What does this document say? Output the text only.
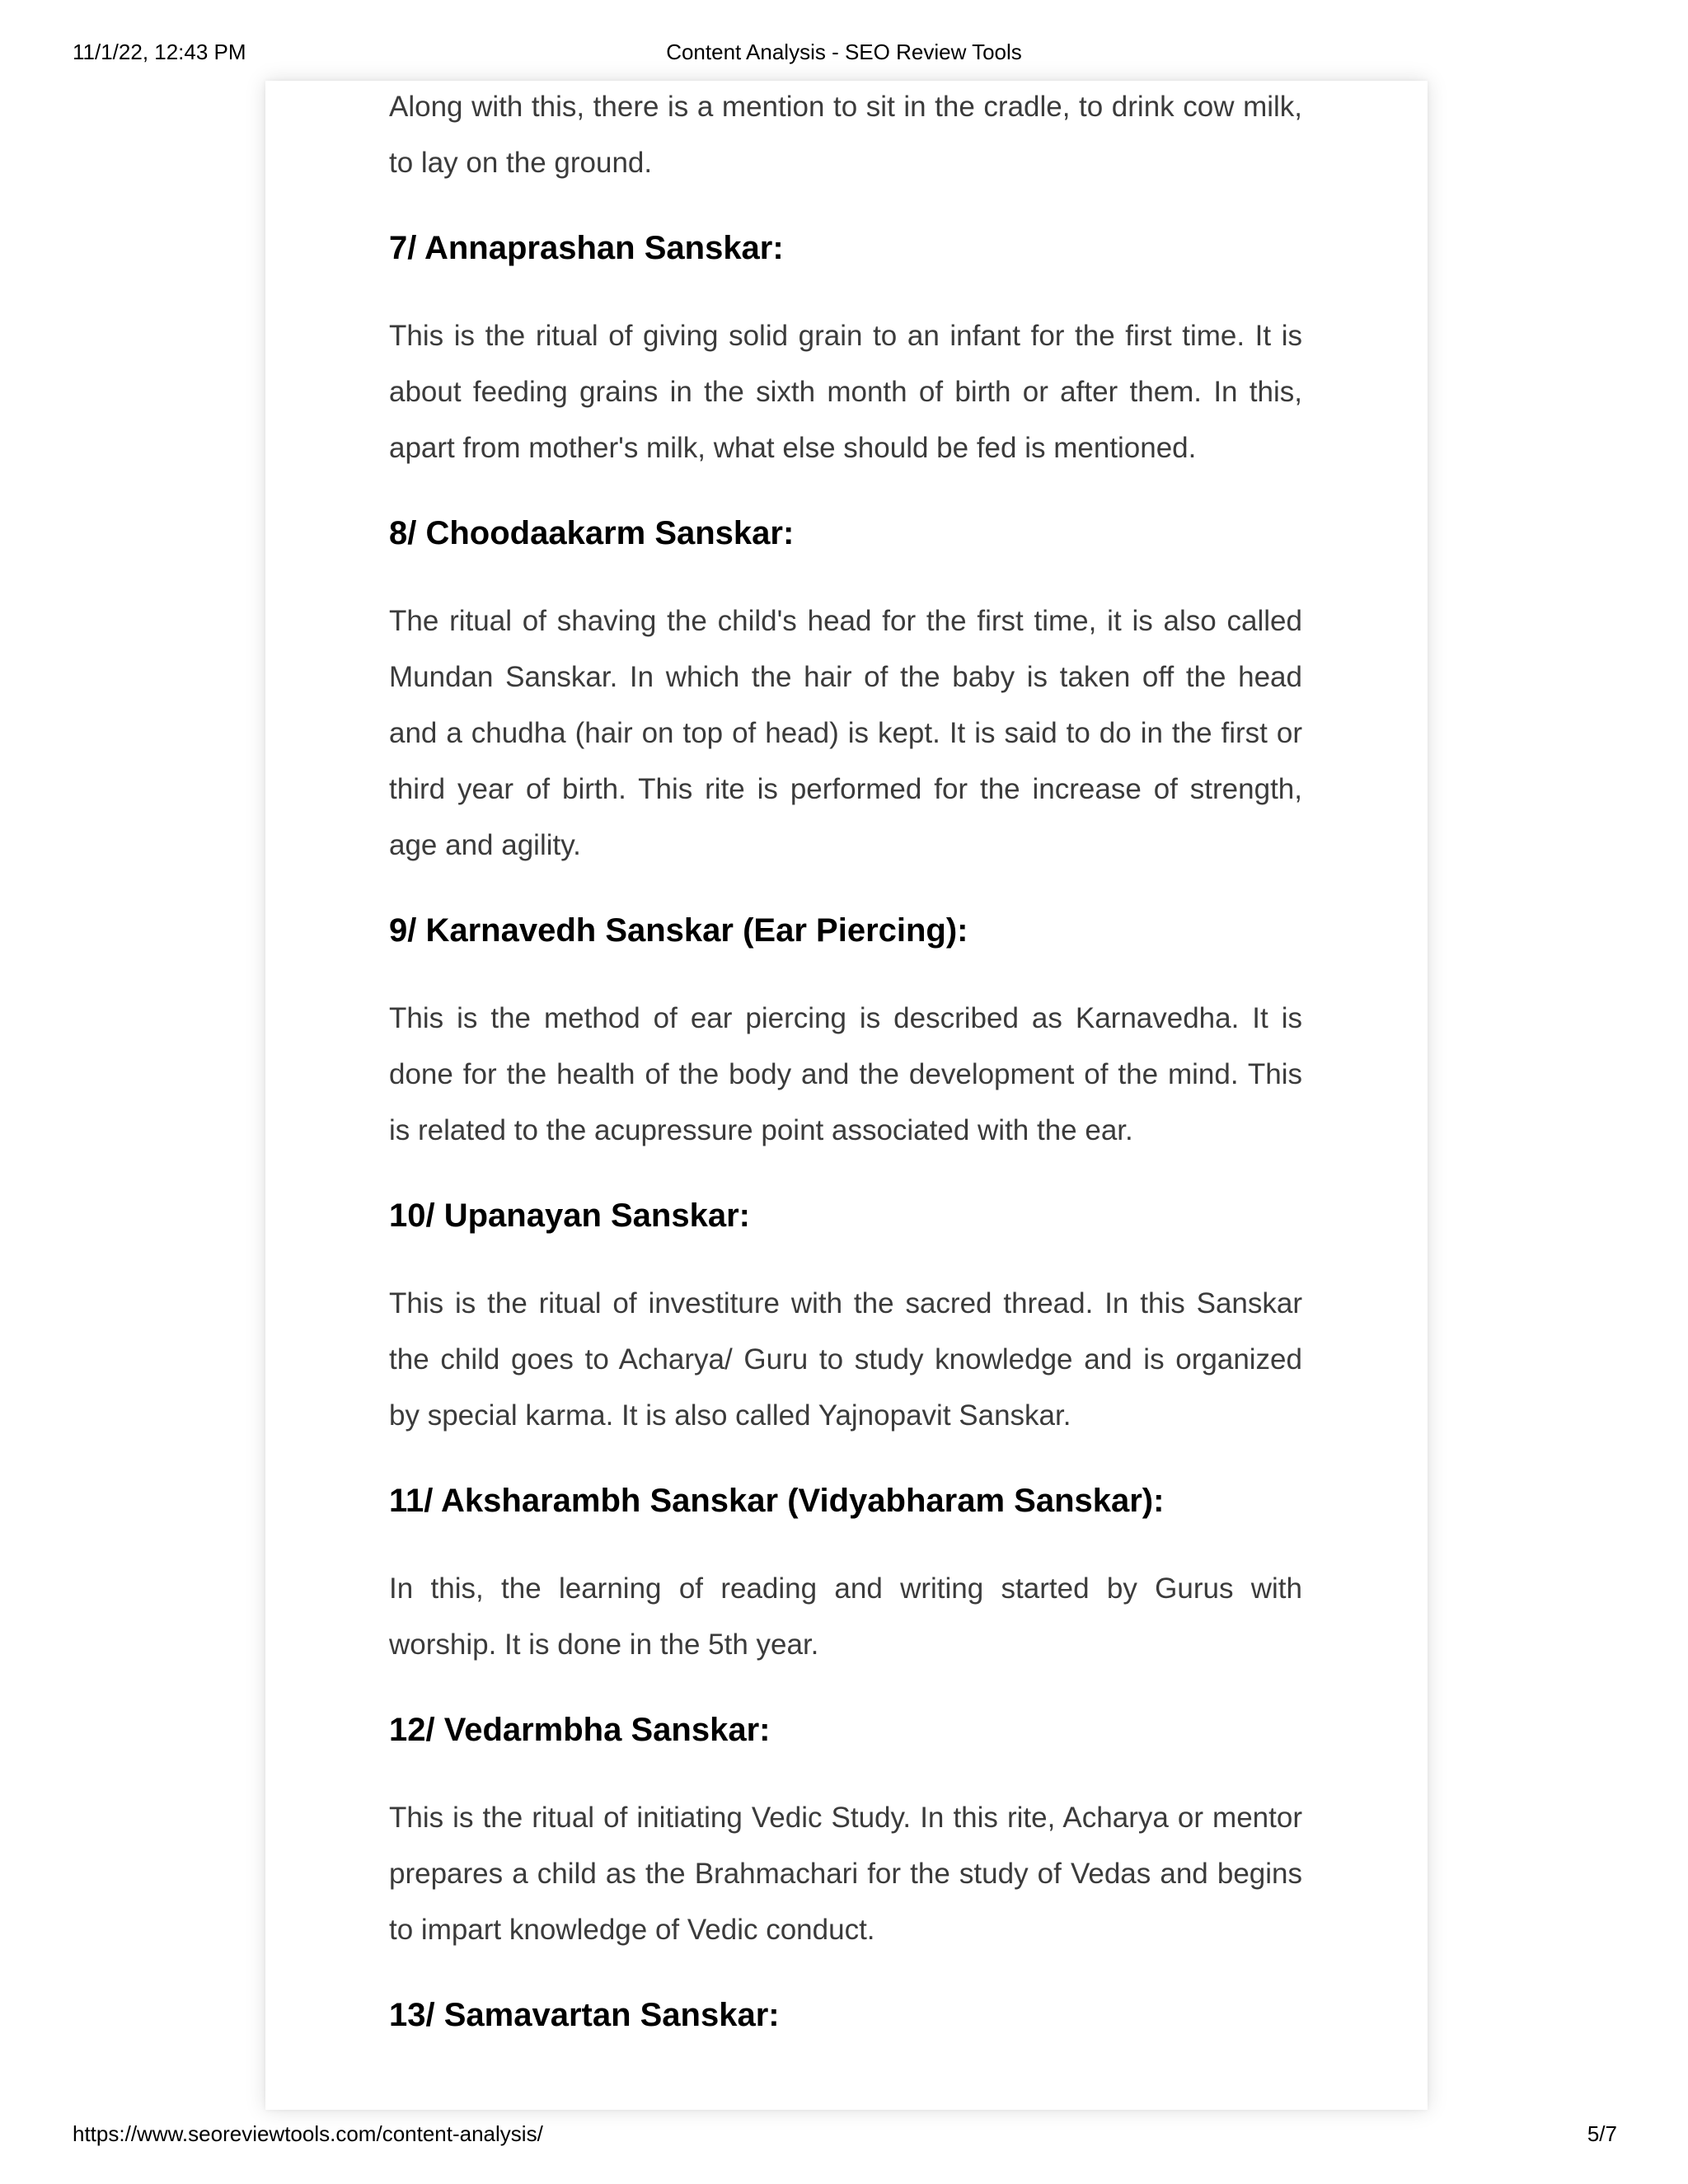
11/1/22, 12:43 PM	Content Analysis - SEO Review Tools

Along with this, there is a mention to sit in the cradle, to drink cow milk, to lay on the ground.

7/ Annaprashan Sanskar:

This is the ritual of giving solid grain to an infant for the first time. It is about feeding grains in the sixth month of birth or after them. In this, apart from mother's milk, what else should be fed is mentioned.

8/ Choodaakarm Sanskar:

The ritual of shaving the child's head for the first time, it is also called Mundan Sanskar. In which the hair of the baby is taken off the head and a chudha (hair on top of head) is kept. It is said to do in the first or third year of birth. This rite is performed for the increase of strength, age and agility.

9/ Karnavedh Sanskar (Ear Piercing):

This is the method of ear piercing is described as Karnavedha. It is done for the health of the body and the development of the mind. This is related to the acupressure point associated with the ear.

10/ Upanayan Sanskar:

This is the ritual of investiture with the sacred thread. In this Sanskar the child goes to Acharya/ Guru to study knowledge and is organized by special karma. It is also called Yajnopavit Sanskar.

11/ Aksharambh Sanskar (Vidyabharam Sanskar):

In this, the learning of reading and writing started by Gurus with worship. It is done in the 5th year.

12/ Vedarmbha Sanskar:

This is the ritual of initiating Vedic Study. In this rite, Acharya or mentor prepares a child as the Brahmachari for the study of Vedas and begins to impart knowledge of Vedic conduct.

13/ Samavartan Sanskar:
https://www.seoreviewtools.com/content-analysis/	5/7
